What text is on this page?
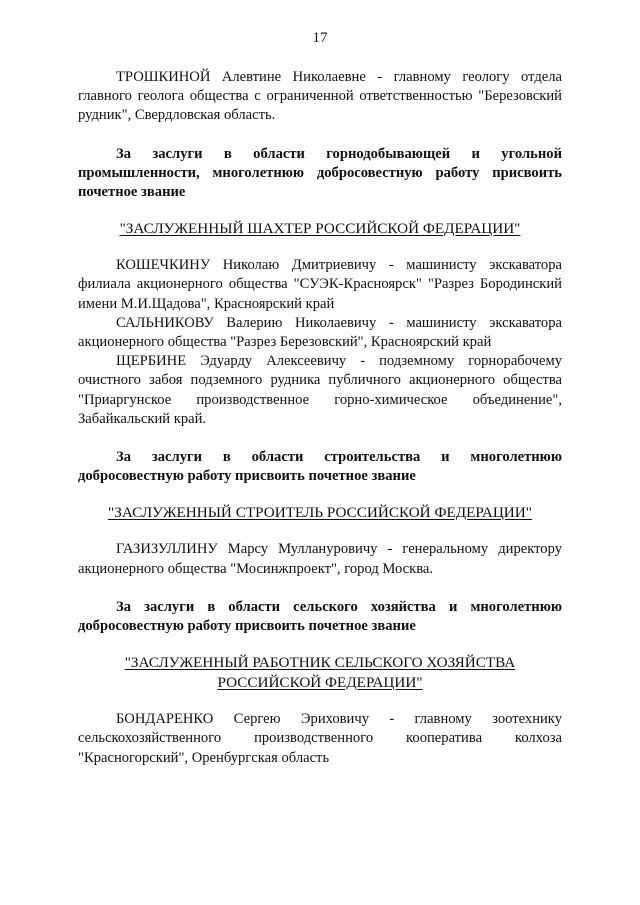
17

ТРОШКИНОЙ Алевтине Николаевне - главному геологу отдела главного геолога общества с ограниченной ответственностью "Березовский рудник", Свердловская область.

За заслуги в области горнодобывающей и угольной промышленности, многолетнюю добросовестную работу присвоить почетное звание

"ЗАСЛУЖЕННЫЙ ШАХТЕР РОССИЙСКОЙ ФЕДЕРАЦИИ"

КОШЕЧКИНУ Николаю Дмитриевичу - машинисту экскаватора филиала акционерного общества "СУЭК-Красноярск" "Разрез Бородинский имени М.И.Щадова", Красноярский край

САЛЬНИКОВУ Валерию Николаевичу - машинисту экскаватора акционерного общества "Разрез Березовский", Красноярский край

ЩЕРБИНЕ Эдуарду Алексеевичу - подземному горнорабочему очистного забоя подземного рудника публичного акционерного общества "Приаргунское производственное горно-химическое объединение", Забайкальский край.

За заслуги в области строительства и многолетнюю добросовестную работу присвоить почетное звание

"ЗАСЛУЖЕННЫЙ СТРОИТЕЛЬ РОССИЙСКОЙ ФЕДЕРАЦИИ"

ГАЗИЗУЛЛИНУ Марсу Муллануровичу - генеральному директору акционерного общества "Мосинжпроект", город Москва.

За заслуги в области сельского хозяйства и многолетнюю добросовестную работу присвоить почетное звание

"ЗАСЛУЖЕННЫЙ РАБОТНИК СЕЛЬСКОГО ХОЗЯЙСТВА
РОССИЙСКОЙ ФЕДЕРАЦИИ"

БОНДАРЕНКО Сергею Эриховичу - главному зоотехнику сельскохозяйственного производственного кооператива колхоза "Красногорский", Оренбургская область
